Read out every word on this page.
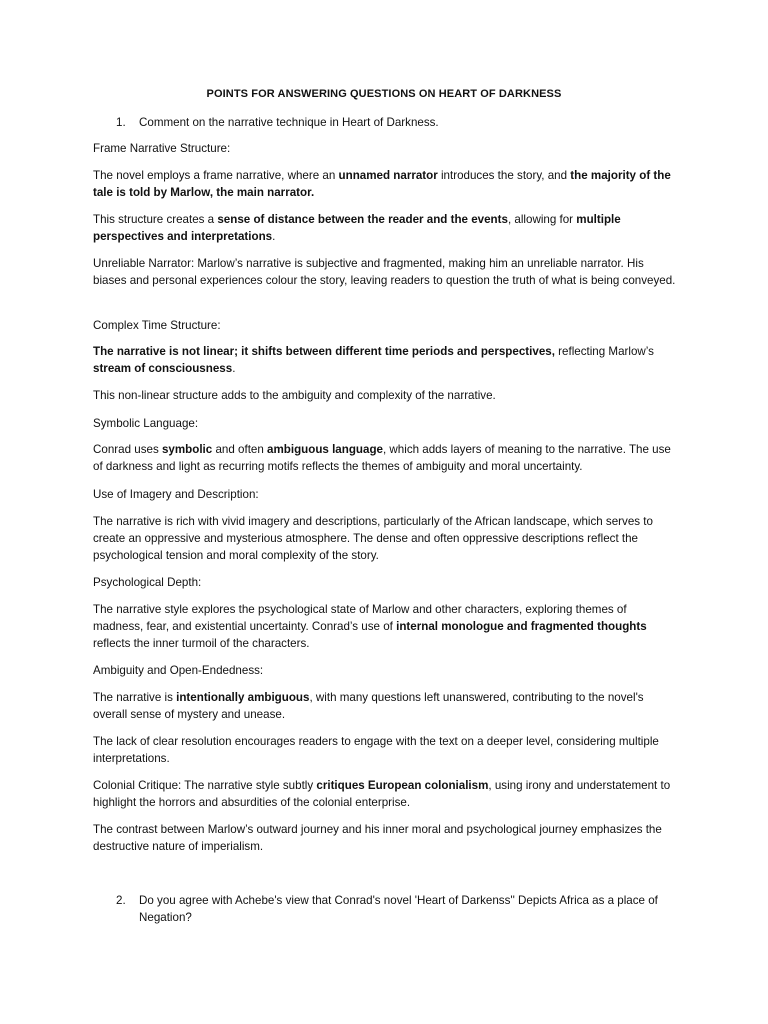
POINTS FOR ANSWERING QUESTIONS ON HEART OF DARKNESS
1. Comment on the narrative technique in Heart of Darkness.

Frame Narrative Structure:

The novel employs a frame narrative, where an unnamed narrator introduces the story, and the majority of the tale is told by Marlow, the main narrator.

This structure creates a sense of distance between the reader and the events, allowing for multiple perspectives and interpretations.

Unreliable Narrator: Marlow’s narrative is subjective and fragmented, making him an unreliable narrator. His biases and personal experiences colour the story, leaving readers to question the truth of what is being conveyed.

Complex Time Structure:

The narrative is not linear; it shifts between different time periods and perspectives, reflecting Marlow’s stream of consciousness.

This non-linear structure adds to the ambiguity and complexity of the narrative.

Symbolic Language:

Conrad uses symbolic and often ambiguous language, which adds layers of meaning to the narrative. The use of darkness and light as recurring motifs reflects the themes of ambiguity and moral uncertainty.

Use of Imagery and Description:

The narrative is rich with vivid imagery and descriptions, particularly of the African landscape, which serves to create an oppressive and mysterious atmosphere. The dense and often oppressive descriptions reflect the psychological tension and moral complexity of the story.

Psychological Depth:

The narrative style explores the psychological state of Marlow and other characters, exploring themes of madness, fear, and existential uncertainty. Conrad’s use of internal monologue and fragmented thoughts reflects the inner turmoil of the characters.

Ambiguity and Open-Endedness:

The narrative is intentionally ambiguous, with many questions left unanswered, contributing to the novel's overall sense of mystery and unease.

The lack of clear resolution encourages readers to engage with the text on a deeper level, considering multiple interpretations.

Colonial Critique: The narrative style subtly critiques European colonialism, using irony and understatement to highlight the horrors and absurdities of the colonial enterprise.

The contrast between Marlow’s outward journey and his inner moral and psychological journey emphasizes the destructive nature of imperialism.

2. Do you agree with Achebe's view that Conrad's novel 'Heart of Darkenss'' Depicts Africa as a place of Negation?
